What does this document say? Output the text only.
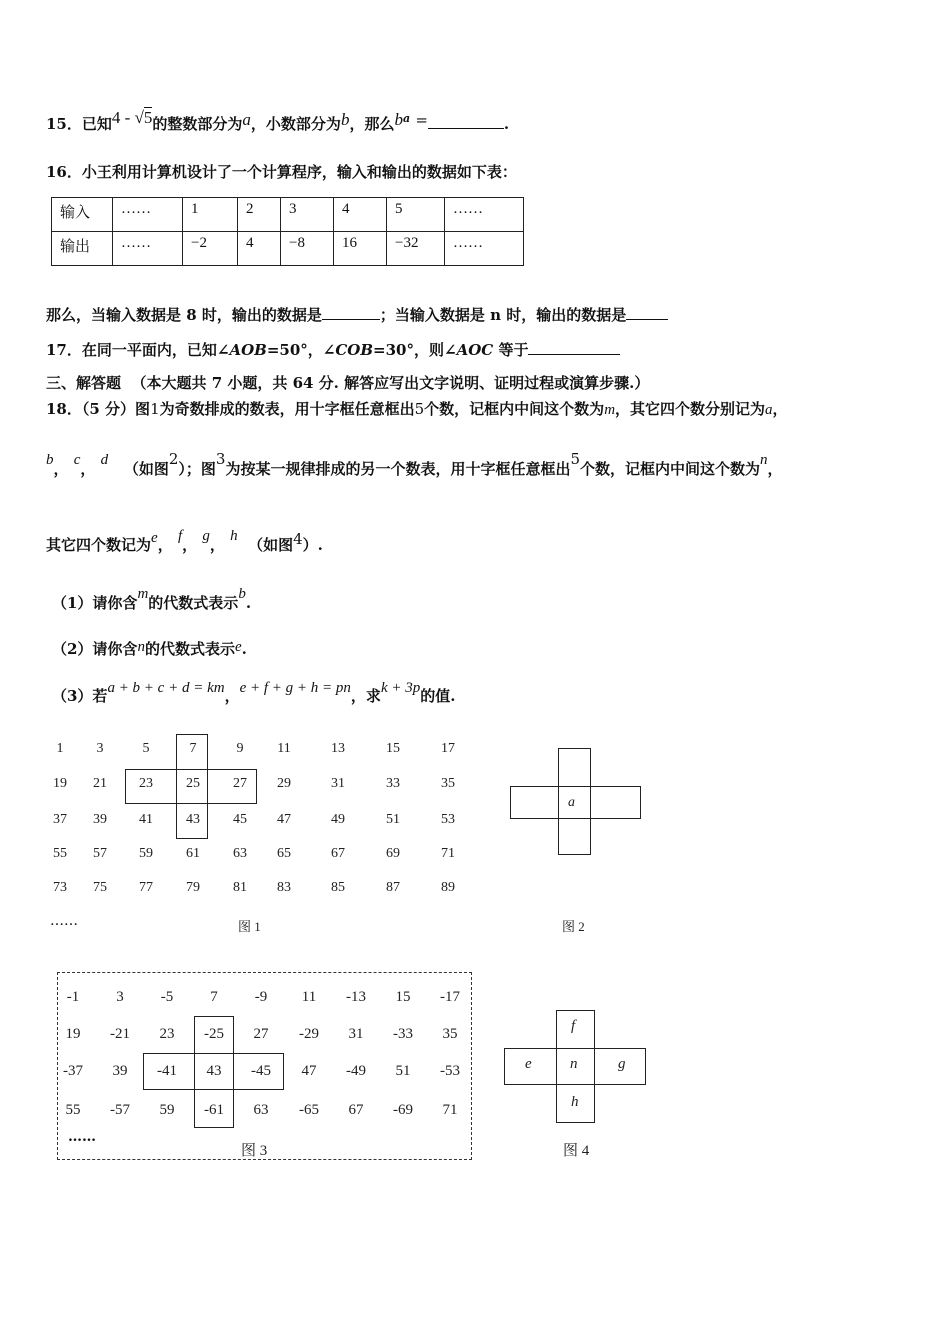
15．已知4 - √5的整数部分为a，小数部分为b，那么$b^a$ =	.
16．小王利用计算机设计了一个计算程序，输入和输出的数据如下表：
输入	……	1	2	3	4	5	……
输出	……	−2	4	−8	16	−32	……
那么，当输入数据是 8 时，输出的数据是	；当输入数据是 n 时，输出的数据是
17．在同一平面内，已知∠AOB=50°，∠COB=30°，则∠AOC 等于
三、解答题 （本大题共 7 小题，共 64 分. 解答应写出文字说明、证明过程或演算步骤.）
18．（5 分）图1为奇数排成的数表，用十字框任意框出5个数，记框内中间这个数为m，其它四个数分别记为a，
b， c， d （如图2）；图3为按某一规律排成的另一个数表，用十字框任意框出5个数，记框内中间这个数为n，
其它四个数记为e， f， g， h （如图4）.
（1）请你含m的代数式表示b.
（2）请你含n的代数式表示e.
（3）若a + b + c + d = km，e + f + g + h = pn，求k + 3p的值.
1	3	5	7	9	11	13	15	17
19	21	23	25	27	29	31	33	35
37	39	41	43	45	47	49	51	53
55	57	59	61	63	65	67	69	71
73	75	77	79	81	83	85	87	89
……	图 1
a
图 2
-1	3	-5	7	-9	11	-13	15	-17
19	-21	23	-25	27	-29	31	-33	35
-37	39	-41	43	-45	47	-49	51	-53
55	-57	59	-61	63	-65	67	-69	71
……
图 3
f
e	n	g
h
图 4
